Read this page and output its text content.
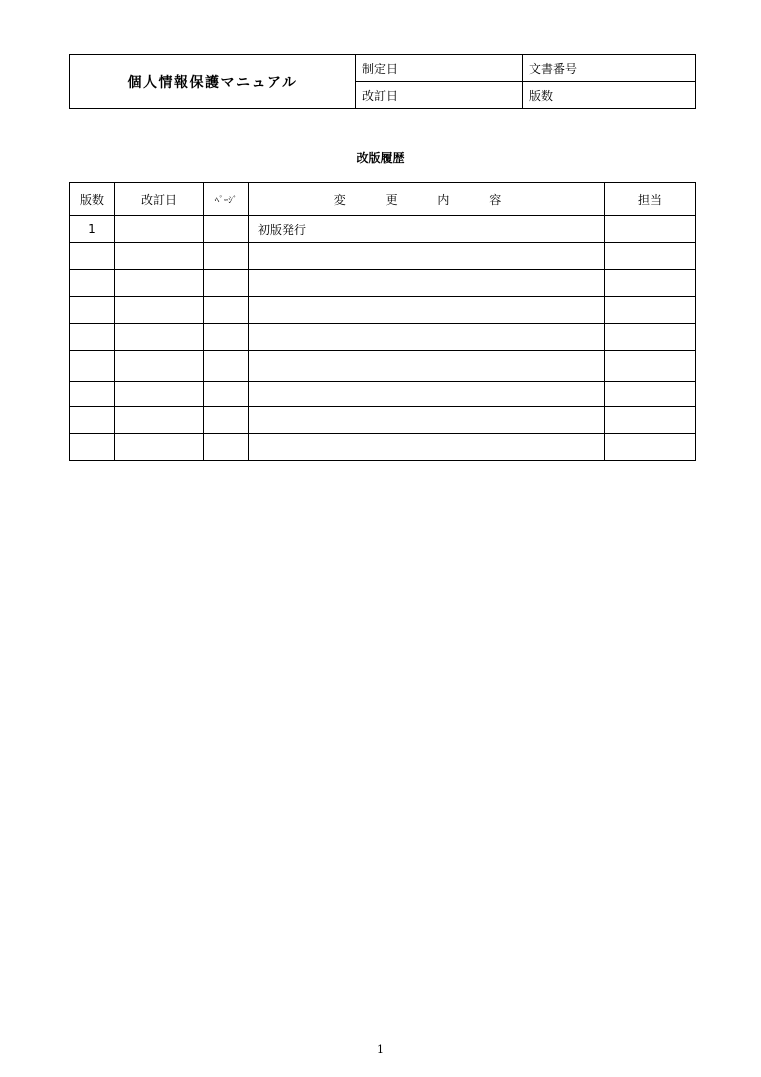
個人情報保護マニュアル	制定日	文書番号
	改訂日	版数
改版履歴
版数	改訂日	ﾍﾟｰｼﾞ	変 更 内 容	担当
1			初版発行	

1
